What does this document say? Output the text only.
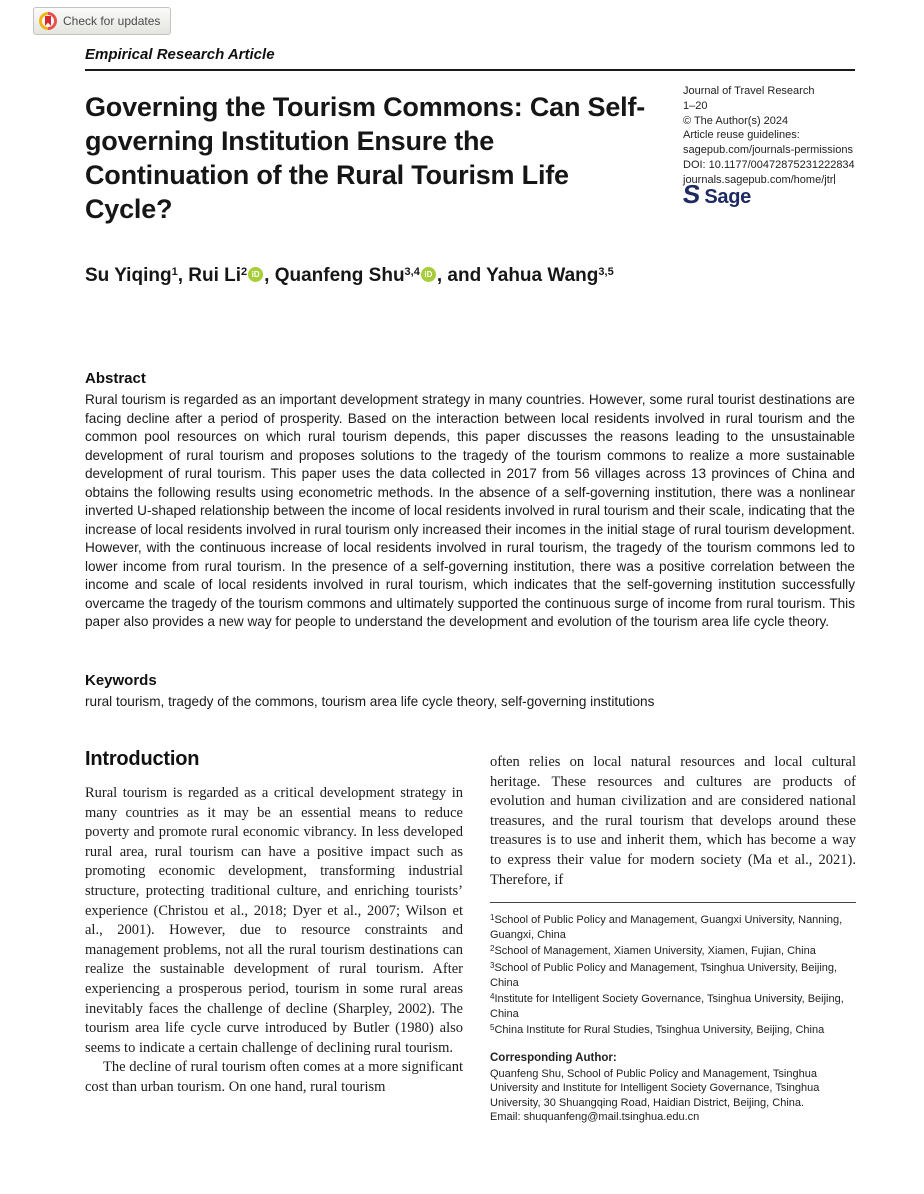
Check for updates
Empirical Research Article
Governing the Tourism Commons: Can Self-governing Institution Ensure the Continuation of the Rural Tourism Life Cycle?
Journal of Travel Research
1–20
© The Author(s) 2024
Article reuse guidelines:
sagepub.com/journals-permissions
DOI: 10.1177/00472875231222834
journals.sagepub.com/home/jtr
S Sage
Su Yiqing$^1$, Rui Li$^2$ iD , Quanfeng Shu$^{3,4}$ iD , and Yahua Wang$^{3,5}$
Abstract
Rural tourism is regarded as an important development strategy in many countries. However, some rural tourist destinations are facing decline after a period of prosperity. Based on the interaction between local residents involved in rural tourism and the common pool resources on which rural tourism depends, this paper discusses the reasons leading to the unsustainable development of rural tourism and proposes solutions to the tragedy of the tourism commons to realize a more sustainable development of rural tourism. This paper uses the data collected in 2017 from 56 villages across 13 provinces of China and obtains the following results using econometric methods. In the absence of a self-governing institution, there was a nonlinear inverted U-shaped relationship between the income of local residents involved in rural tourism and their scale, indicating that the increase of local residents involved in rural tourism only increased their incomes in the initial stage of rural tourism development. However, with the continuous increase of local residents involved in rural tourism, the tragedy of the tourism commons led to lower income from rural tourism. In the presence of a self-governing institution, there was a positive correlation between the income and scale of local residents involved in rural tourism, which indicates that the self-governing institution successfully overcame the tragedy of the tourism commons and ultimately supported the continuous surge of income from rural tourism. This paper also provides a new way for people to understand the development and evolution of the tourism area life cycle theory.
Keywords
rural tourism, tragedy of the commons, tourism area life cycle theory, self-governing institutions
Introduction

Rural tourism is regarded as a critical development strategy in many countries as it may be an essential means to reduce poverty and promote rural economic vibrancy. In less developed rural area, rural tourism can have a positive impact such as promoting economic development, transforming industrial structure, protecting traditional culture, and enriching tourists’ experience (Christou et al., 2018; Dyer et al., 2007; Wilson et al., 2001). However, due to resource constraints and management problems, not all the rural tourism destinations can realize the sustainable development of rural tourism. After experiencing a prosperous period, tourism in some rural areas inevitably faces the challenge of decline (Sharpley, 2002). The tourism area life cycle curve introduced by Butler (1980) also seems to indicate a certain challenge of declining rural tourism.

The decline of rural tourism often comes at a more significant cost than urban tourism. On one hand, rural tourism

often relies on local natural resources and local cultural heritage. These resources and cultures are products of evolution and human civilization and are considered national treasures, and the rural tourism that develops around these treasures is to use and inherit them, which has become a way to express their value for modern society (Ma et al., 2021). Therefore, if

$^1$School of Public Policy and Management, Guangxi University, Nanning, Guangxi, China

$^2$School of Management, Xiamen University, Xiamen, Fujian, China

$^3$School of Public Policy and Management, Tsinghua University, Beijing, China

$^4$Institute for Intelligent Society Governance, Tsinghua University, Beijing, China

$^5$China Institute for Rural Studies, Tsinghua University, Beijing, China

Corresponding Author:
Quanfeng Shu, School of Public Policy and Management, Tsinghua University and Institute for Intelligent Society Governance, Tsinghua University, 30 Shuangqing Road, Haidian District, Beijing, China.
Email: shuquanfeng@mail.tsinghua.edu.cn
